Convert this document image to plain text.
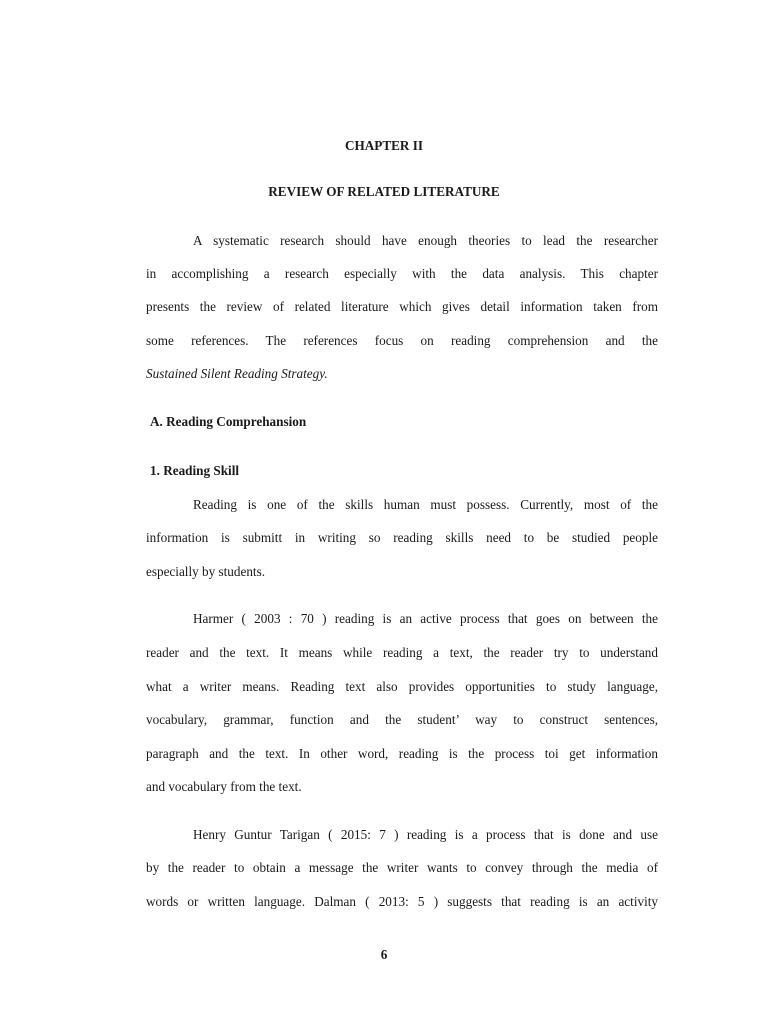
CHAPTER II
REVIEW OF RELATED LITERATURE
A systematic research should have enough theories to lead the researcher
in accomplishing a research especially with the data analysis. This chapter
presents the review of related literature which gives detail information taken from
some references. The references focus on reading comprehension and the
Sustained Silent Reading Strategy.
A. Reading Comprehansion
1. Reading Skill
Reading is one of the skills human must possess. Currently, most of the
information is submitt in writing so reading skills need to be studied people
especially by students.
Harmer ( 2003 : 70 ) reading is an active process that goes on between the
reader and the text. It means while reading a text, the reader try to understand
what a writer means. Reading text also provides opportunities to study language,
vocabulary, grammar, function and the student’ way to construct sentences,
paragraph and the text. In other word, reading is the process toi get information
and vocabulary from the text.
Henry Guntur Tarigan ( 2015: 7 ) reading is a process that is done and use
by the reader to obtain a message the writer wants to convey through the media of
words or written language. Dalman ( 2013: 5 ) suggests that reading is an activity
6
